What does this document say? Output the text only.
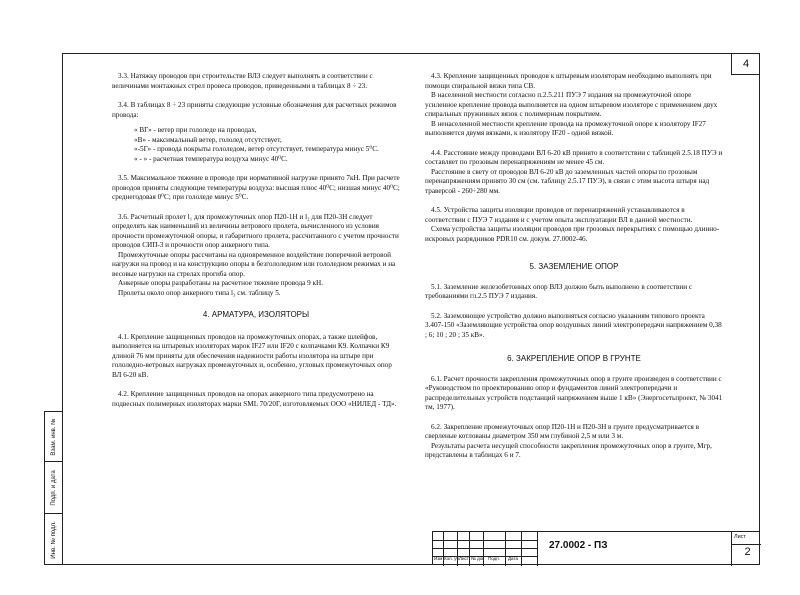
4

3.3. Натяжку проводов при строительстве ВЛЗ следует выполнять в соответствии с величинами монтажных стрел провеса проводов, приведенными в таблицах 8 ÷ 23.

3.4. В таблицах 8 ÷ 23 приняты следующие условные обозначения для расчетных режимов провода:

« ВГ» - ветер при гололеде на проводах,

«В» - максимальный ветер, гололед отсутствует,

«-5Г» - провода покрыты гололедом, ветер отсутствует, температура минус 5⁰С.

« - » - расчетная температура воздуха минус 40⁰С.

3.5. Максимальное тяжение в проводе при нормативной нагрузке принято 7кН. При расчете проводов приняты следующие температуры воздуха: высшая плюс 40⁰С; низшая минус 40⁰С; среднегодовая 0⁰С; при гололеде минус 5⁰С.

3.6. Расчетный пролет l₁ для промежуточных опор П20-1Н и l₂ для П20-3Н следует определять как наименьший из величины ветрового пролета, вычисленного из условия прочности промежуточной опоры, и габаритного пролета, рассчитанного с учетом прочности проводов СИП-3 и прочности опор анкерного типа.

Промежуточные опоры рассчитаны на одновременное воздействие поперечной ветровой нагрузки на провод и на конструкцию опоры в безгололедном или гололедном режимах и на весовые нагрузки на стрелах прогиба опор.

Анкерные опоры разработаны на расчетное тяжение провода 9 кН.

Пролеты около опор анкерного типа l₃ см. таблицу 5.

4. АРМАТУРА, ИЗОЛЯТОРЫ

4.1. Крепление защищенных проводов на промежуточных опорах, а также шлейфов, выполняется на штыревых изоляторах марок IF27 или IF20 с колпачками К9. Колпачки К9 длиной 76 мм приняты для обеспечения надежности работы изолятора на штыре при гололедно-ветровых нагрузках промежуточных и, особенно, угловых промежуточных опор ВЛ 6-20 кВ.

4.2. Крепление защищенных проводов на опорах анкерного типа предусмотрено на подвесных полимерных изоляторах марки SML 70/20Г, изготовляемых ООО «НИЛЕД - ТД».

4.3. Крепление защищенных проводов к штыревым изоляторам необходимо выполнять при помощи спиральной вязки типа СВ.

В населенной местности согласно п.2.5.211 ПУЭ 7 издания на промежуточной опоре усиленное крепление провода выполняется на одном штыревом изоляторе с применением двух спиральных пружинных вязок с полимерным покрытием.

В ненаселенной местности крепление провода на промежуточной опоре к изолятору IF27 выполняется двумя вязками, к изолятору IF20 - одной вязкой.

4.4. Расстояние между проводами ВЛ 6-20 кВ принято в соответствии с таблицей 2.5.18 ПУЭ и составляет по грозовым перенапряжениям не менее 45 см.

Расстояние в свету от проводов ВЛ 6-20 кВ до заземленных частей опоры по грозовым перенапряжениям принято 30 см (см. таблицу 2.5.17 ПУЭ), в связи с этим высота штыря над траверсой - 260÷280 мм.

4.5. Устройства защиты изоляции проводов от перенапряжений устанавливаются в соответствии с ПУЭ 7 издания и с учетом опыта эксплуатации ВЛ в данной местности.

Схема устройства защиты изоляции проводов при грозовых перекрытиях с помощью длинно-искровых разрядников PDR10 см. докум. 27.0002-46.

5. ЗАЗЕМЛЕНИЕ ОПОР

5.1. Заземление железобетонных опор ВЛЗ должно быть выполнено в соответствии с требованиями гл.2.5 ПУЭ 7 издания.

5.2. Заземляющее устройство должно выполняться согласно указаниям типового проекта 3.407-150 «Заземляющие устройства опор воздушных линий электропередачи напряжением 0,38 ; 6; 10 ; 20 ; 35 кВ».

6. ЗАКРЕПЛЕНИЕ ОПОР В ГРУНТЕ

6.1. Расчет прочности закрепления промежуточных опор в грунте произведен в соответствии с «Руководством по проектированию опор и фундаментов линий электропередачи и распределительных устройств подстанций напряжением выше 1 кВ» (Энергосетьпроект, № 3041 тм, 1977).

6.2. Закрепление промежуточных опор П20-1Н и П20-3Н в грунте предусматривается в сверленые котлованы диаметром 350 мм глубиной 2,5 м или 3 м.

Результаты расчета несущей способности закрепления промежуточных опор в грунте, Мгр, представлены в таблицах 6 и 7.

Взам. инв. №
Подп. и дата
Инв. № подл.	Изм Кол. уч Лист № док Подп. Дата
27.0002 - ПЗ
Лист
2
